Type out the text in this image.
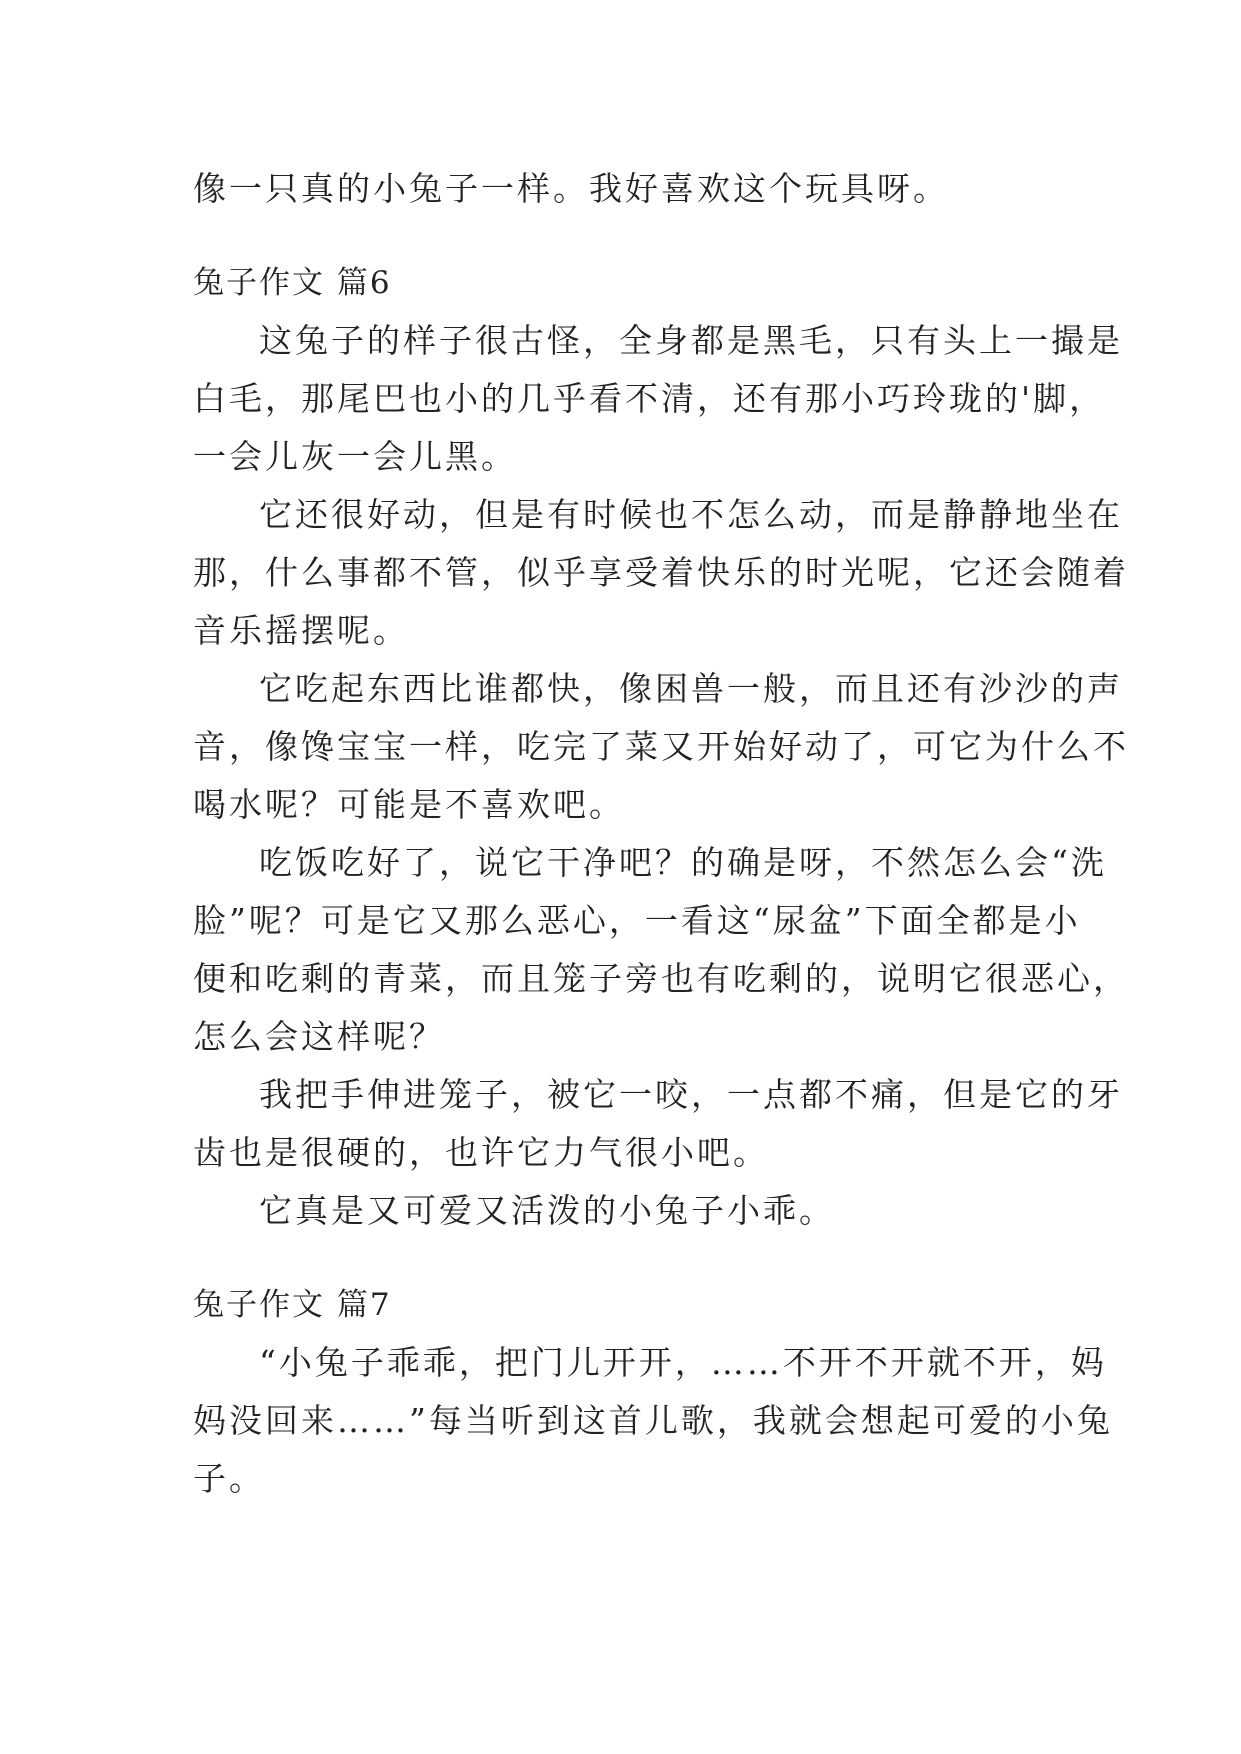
像一只真的小兔子一样。我好喜欢这个玩具呀。
兔子作文 篇6
这兔子的样子很古怪，全身都是黑毛，只有头上一撮是
白毛，那尾巴也小的几乎看不清，还有那小巧玲珑的'脚，
一会儿灰一会儿黑。
它还很好动，但是有时候也不怎么动，而是静静地坐在
那，什么事都不管，似乎享受着快乐的时光呢，它还会随着
音乐摇摆呢。
它吃起东西比谁都快，像困兽一般，而且还有沙沙的声
音，像馋宝宝一样，吃完了菜又开始好动了，可它为什么不
喝水呢？可能是不喜欢吧。
吃饭吃好了，说它干净吧？的确是呀，不然怎么会“洗
脸”呢？可是它又那么恶心，一看这“尿盆”下面全都是小
便和吃剩的青菜，而且笼子旁也有吃剩的，说明它很恶心，
怎么会这样呢？
我把手伸进笼子，被它一咬，一点都不痛，但是它的牙
齿也是很硬的，也许它力气很小吧。
它真是又可爱又活泼的小兔子小乖。
兔子作文 篇7
“小兔子乖乖，把门儿开开，……不开不开就不开，妈
妈没回来……”每当听到这首儿歌，我就会想起可爱的小兔
子。
